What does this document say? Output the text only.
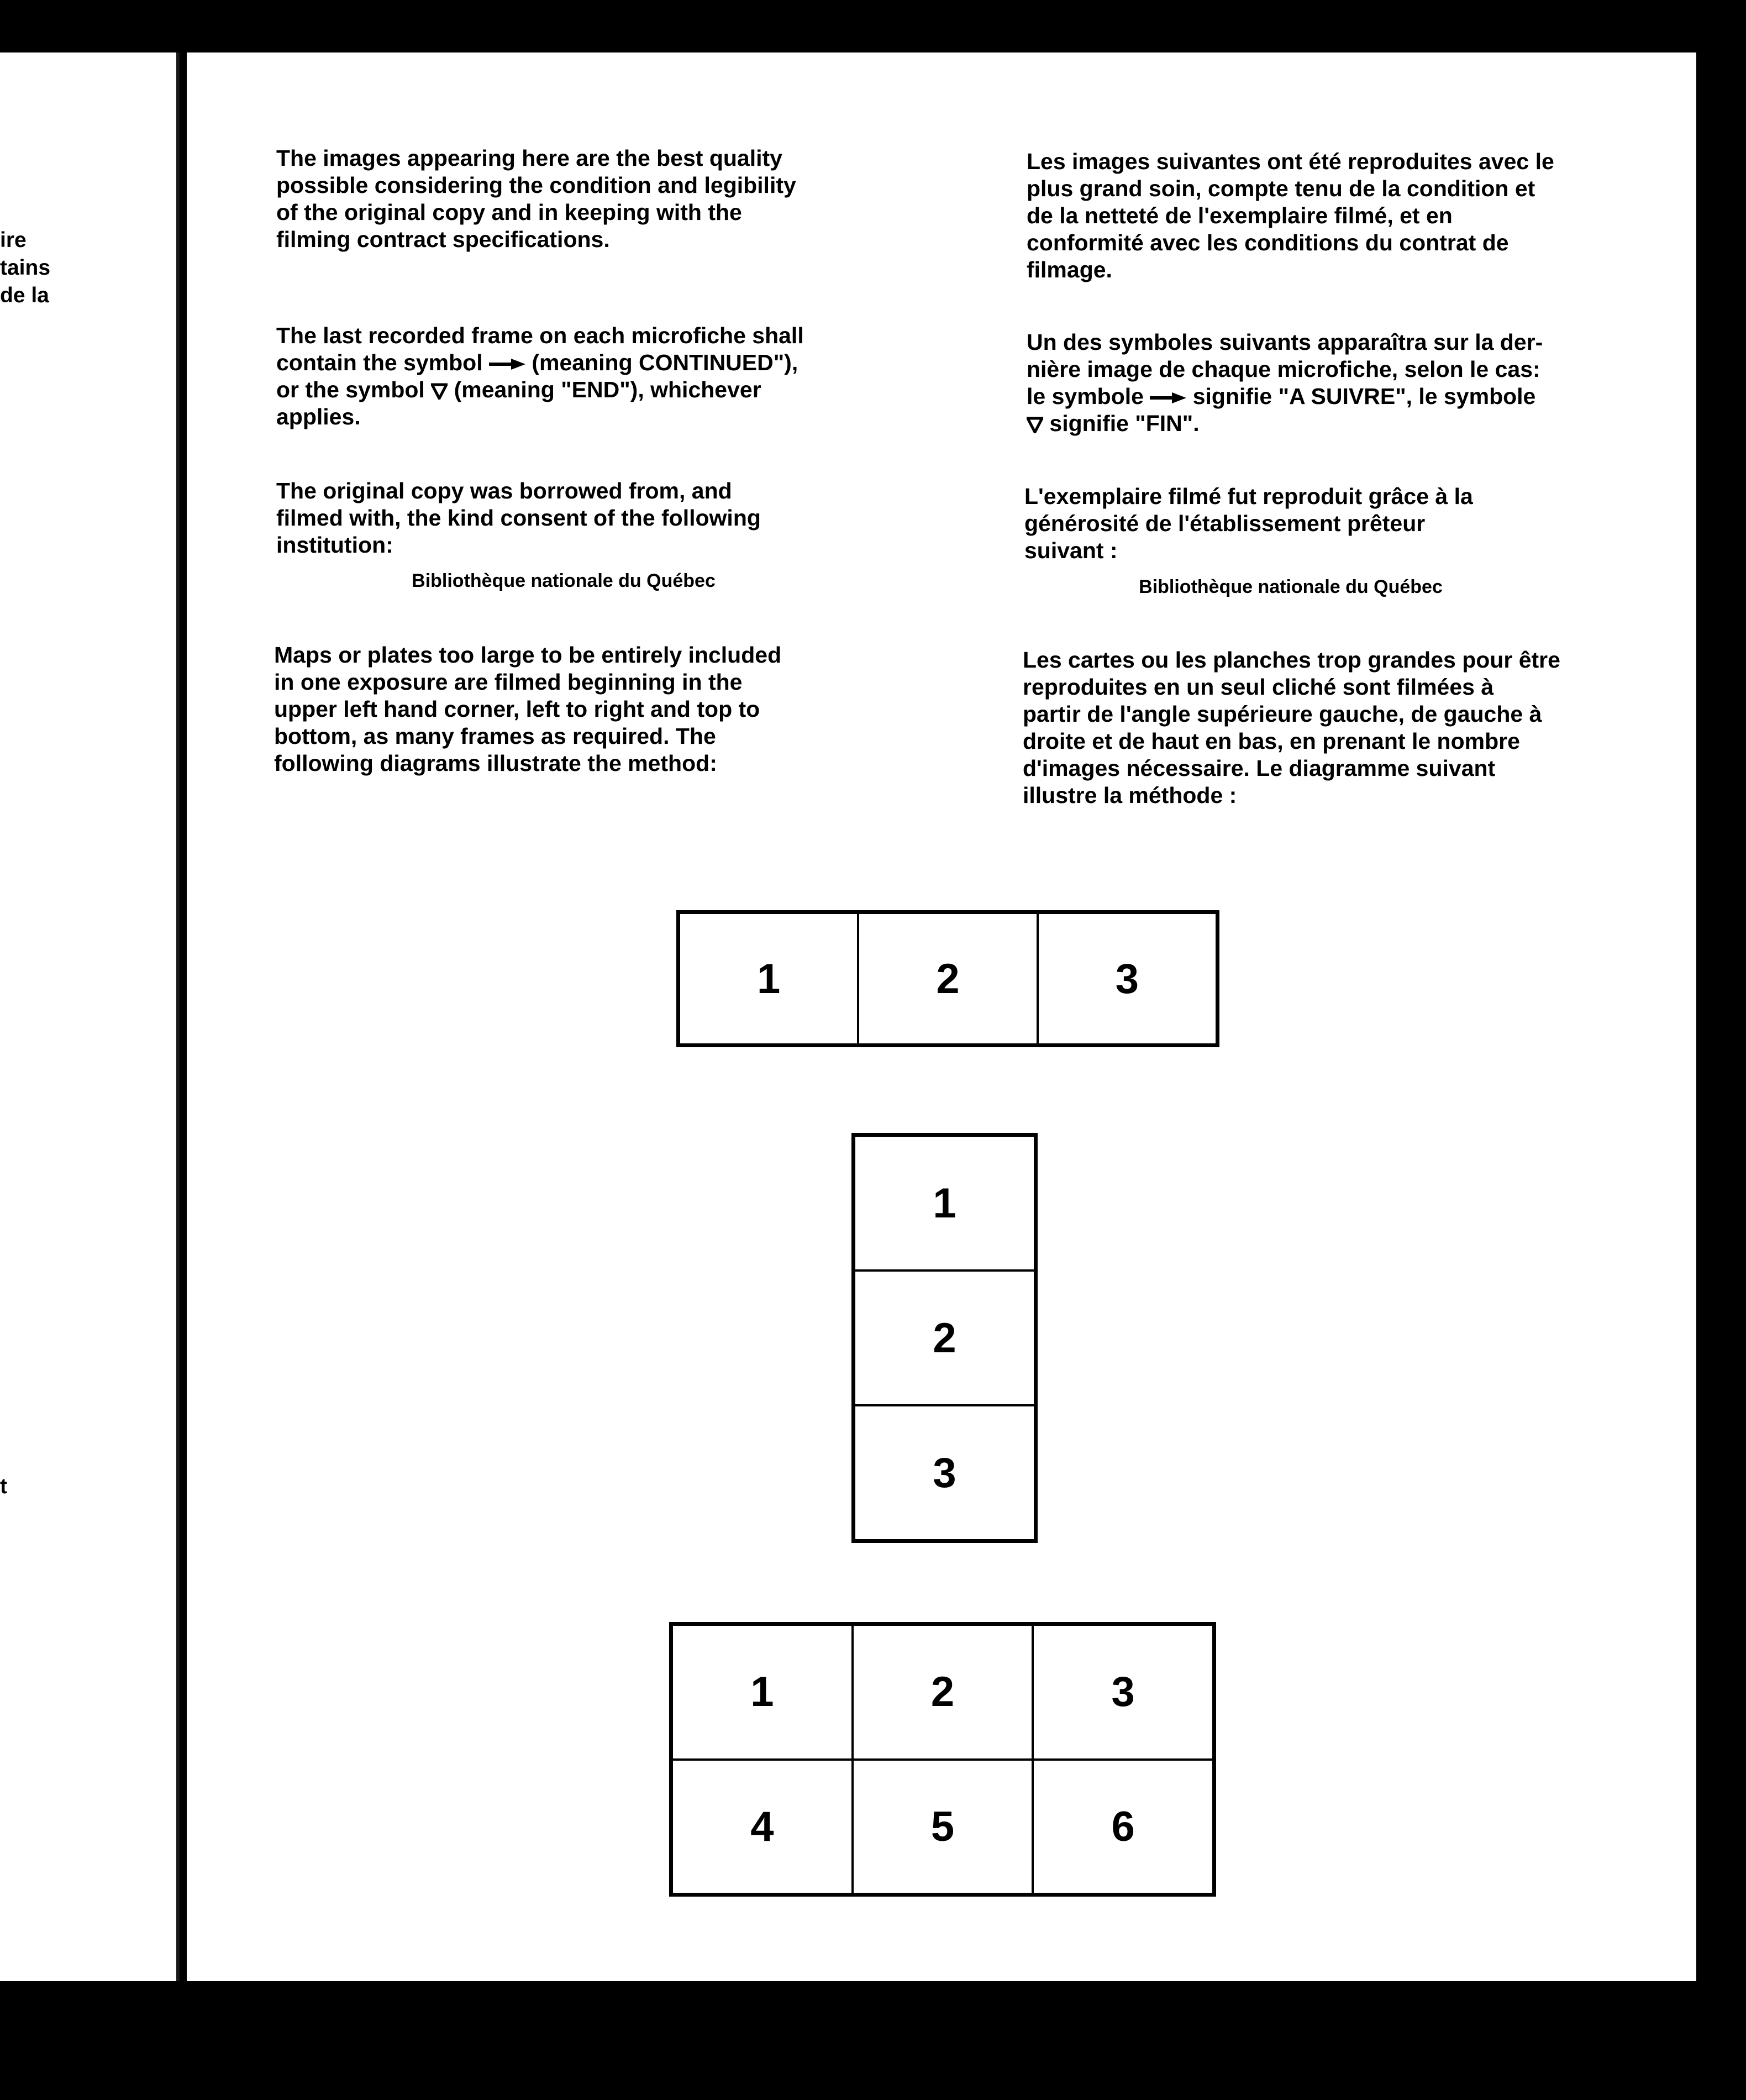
ire
tains
de la
t
The images appearing here are the best quality
possible considering the condition and legibility
of the original copy and in keeping with the
filming contract specifications.
The last recorded frame on each microfiche shall
contain the symbol  (meaning CONTINUED"),
or the symbol  (meaning "END"), whichever
applies.
The original copy was borrowed from, and
filmed with, the kind consent of the following
institution:
Bibliothèque nationale du Québec
Maps or plates too large to be entirely included
in one exposure are filmed beginning in the
upper left hand corner, left to right and top to
bottom, as many frames as required. The
following diagrams illustrate the method:
Les images suivantes ont été reproduites avec le
plus grand soin, compte tenu de la condition et
de la netteté de l'exemplaire filmé, et en
conformité avec les conditions du contrat de
filmage.
Un des symboles suivants apparaîtra sur la der-
nière image de chaque microfiche, selon le cas:
le symbole  signifie "A SUIVRE", le symbole
signifie "FIN".
L'exemplaire filmé fut reproduit grâce à la
générosité de l'établissement prêteur
suivant :
Bibliothèque nationale du Québec
Les cartes ou les planches trop grandes pour être
reproduites en un seul cliché sont filmées à
partir de l'angle supérieure gauche, de gauche à
droite et de haut en bas, en prenant le nombre
d'images nécessaire. Le diagramme suivant
illustre la méthode :
1	2	3
1
2
3
1	2	3
4	5	6
